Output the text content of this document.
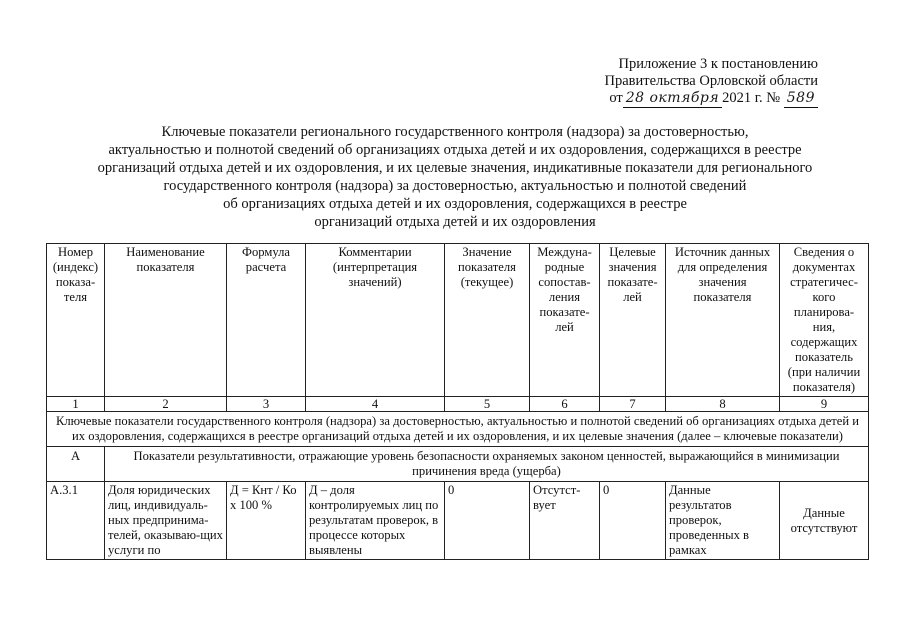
Приложение 3 к постановлению
Правительства Орловской области
от 28 октября 2021 г. № 589
Ключевые показатели регионального государственного контроля (надзора) за достоверностью,
актуальностью и полнотой сведений об организациях отдыха детей и их оздоровления, содержащихся в реестре
организаций отдыха детей и их оздоровления, и их целевые значения, индикативные показатели для регионального
государственного контроля (надзора) за достоверностью, актуальностью и полнотой сведений
об организациях отдыха детей и их оздоровления, содержащихся в реестре
организаций отдыха детей и их оздоровления
Номер (индекс) показа-теля	Наименование показателя	Формула расчета	Комментарии (интерпретация значений)	Значение показателя (текущее)	Междуна-родные сопостав-ления показате-лей	Целевые значения показате-лей	Источник данных для определения значения показателя	Сведения о документах стратегичес-кого планирова-ния, содержащих показатель (при наличии показателя)
1	2	3	4	5	6	7	8	9
Ключевые показатели государственного контроля (надзора) за достоверностью, актуальностью и полнотой сведений об организациях отдыха детей и их оздоровления, содержащихся в реестре организаций отдыха детей и их оздоровления, и их целевые значения (далее – ключевые показатели)								
А	Показатели результативности, отражающие уровень безопасности охраняемых законом ценностей, выражающийся в минимизации причинения вреда (ущерба)							
А.3.1	Доля юридических лиц, индивидуаль-ных предпринима-телей, оказываю-щих услуги по	Д = Кнт / Ко х 100 %	Д – доля контролируемых лиц по результатам проверок, в процессе которых выявлены	0	Отсутст-вует	0	Данные результатов проверок, проведенных в рамках	Данные отсутствуют
